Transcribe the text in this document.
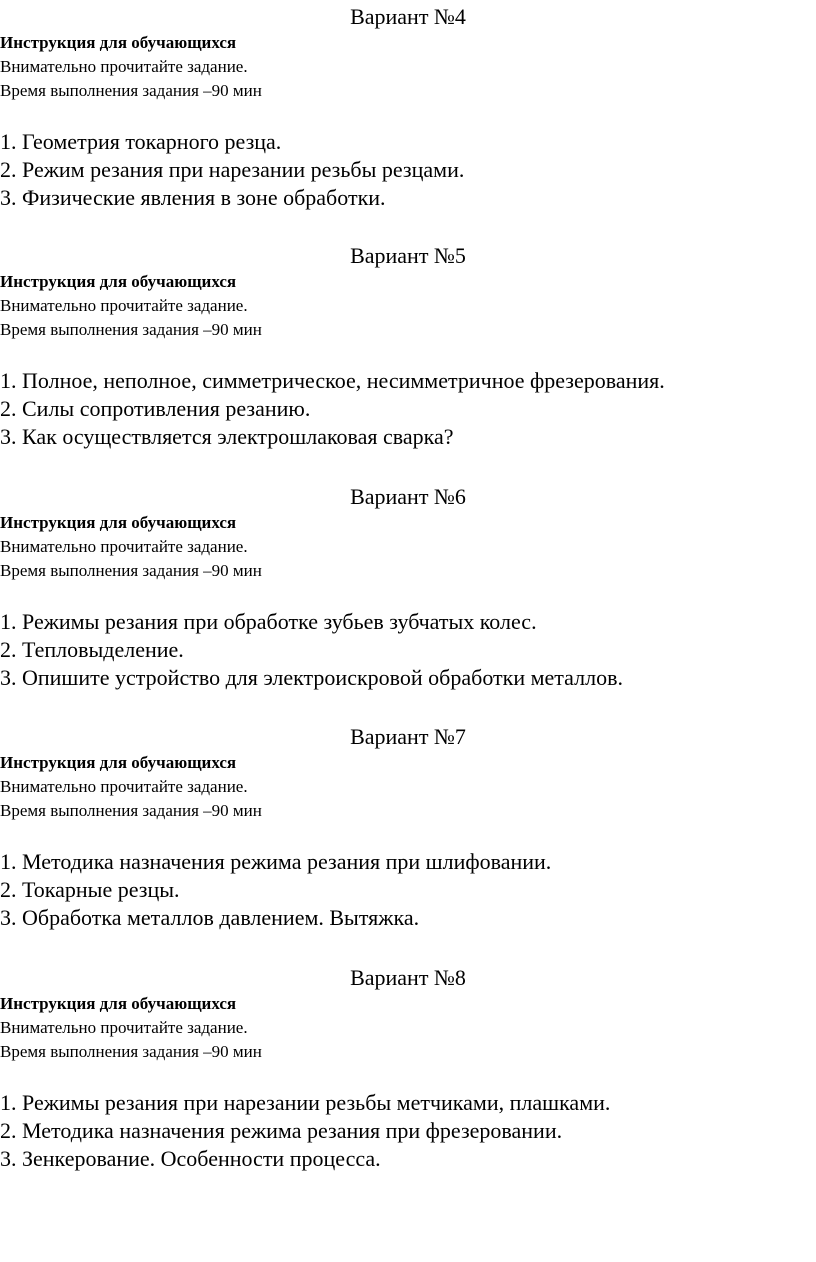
Вариант №4
Инструкция для обучающихся
Внимательно прочитайте задание.
Время выполнения задания –90 мин
1. Геометрия токарного резца.
2. Режим резания при нарезании резьбы резцами.
3. Физические явления в зоне обработки.
Вариант №5
Инструкция для обучающихся
Внимательно прочитайте задание.
Время выполнения задания –90 мин
1. Полное, неполное, симметрическое, несимметричное фрезерования.
2. Силы сопротивления резанию.
3. Как осуществляется электрошлаковая сварка?
Вариант №6
Инструкция для обучающихся
Внимательно прочитайте задание.
Время выполнения задания –90 мин
1. Режимы резания при обработке зубьев зубчатых колес.
2. Тепловыделение.
3. Опишите устройство для электроискровой обработки металлов.
Вариант №7
Инструкция для обучающихся
Внимательно прочитайте задание.
Время выполнения задания –90 мин
1. Методика назначения режима резания при шлифовании.
2. Токарные резцы.
3. Обработка металлов давлением. Вытяжка.
Вариант №8
Инструкция для обучающихся
Внимательно прочитайте задание.
Время выполнения задания –90 мин
1. Режимы резания при нарезании резьбы метчиками, плашками.
2. Методика назначения режима резания при фрезеровании.
3. Зенкерование. Особенности процесса.
